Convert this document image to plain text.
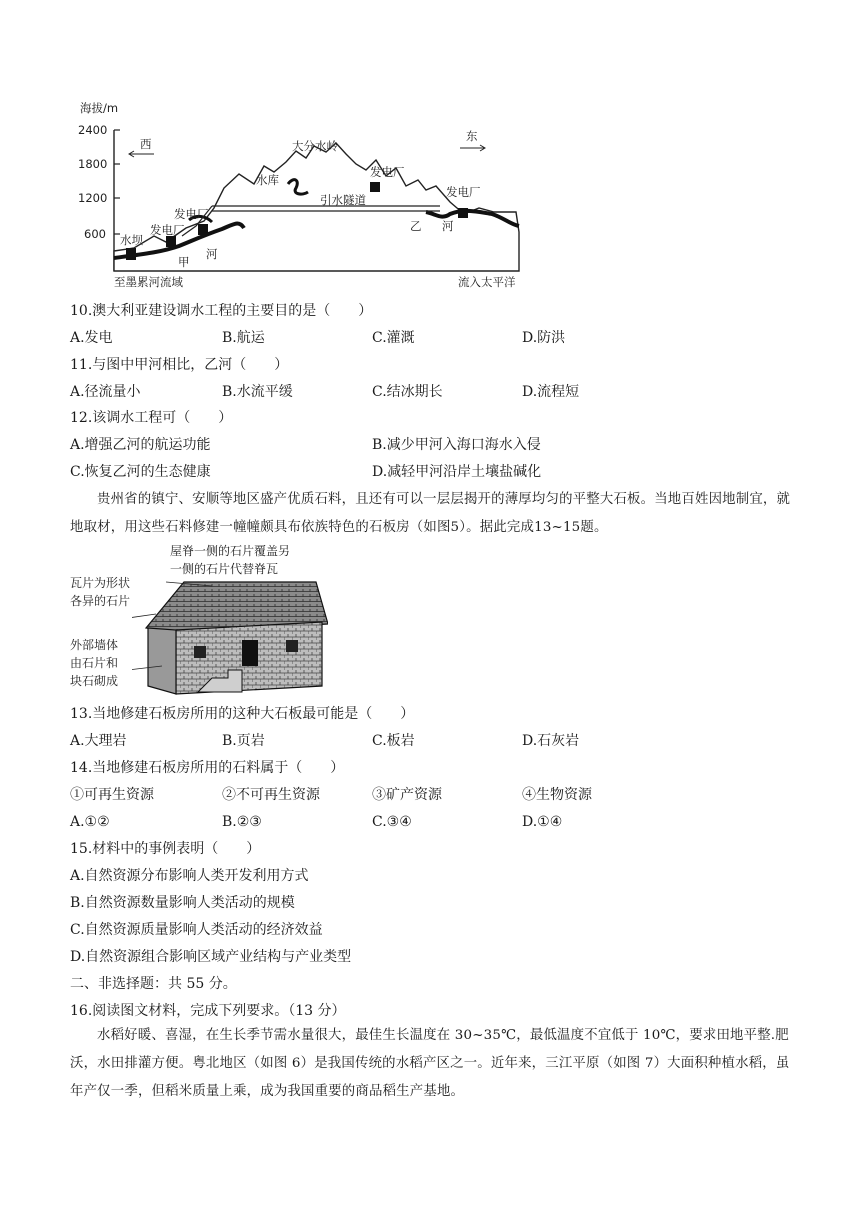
海拔/m
2400
1800
1200
600
西
东
大分水岭
水库
发电厂
发电厂
发电厂
发电厂
水坝
引水隧道
甲
河
乙 河
至墨累河流域	流入太平洋
10.澳大利亚建设调水工程的主要目的是（　　）
A.发电	B.航运	C.灌溉	D.防洪
11.与图中甲河相比，乙河（　　）
A.径流量小	B.水流平缓	C.结冰期长	D.流程短
12.该调水工程可（　　）
A.增强乙河的航运功能	B.减少甲河入海口海水入侵
C.恢复乙河的生态健康	D.减轻甲河沿岸土壤盐碱化
贵州省的镇宁、安顺等地区盛产优质石料，且还有可以一层层揭开的薄厚均匀的平整大石板。当地百姓因地制宜，就地取材，用这些石料修建一幢幢颇具布依族特色的石板房（如图5）。据此完成13~15题。
屋脊一侧的石片覆盖另
一侧的石片代替脊瓦
瓦片为形状
各异的石片
外部墙体
由石片和
块石砌成
13.当地修建石板房所用的这种大石板最可能是（　　）
A.大理岩	B.页岩	C.板岩	D.石灰岩
14.当地修建石板房所用的石料属于（　　）
①可再生资源	②不可再生资源	③矿产资源	④生物资源
A.①②	B.②③	C.③④	D.①④
15.材料中的事例表明（　　）
A.自然资源分布影响人类开发利用方式
B.自然资源数量影响人类活动的规模
C.自然资源质量影响人类活动的经济效益
D.自然资源组合影响区域产业结构与产业类型
二、非选择题：共 55 分。
16.阅读图文材料，完成下列要求。（13 分）
水稻好暖、喜湿，在生长季节需水量很大，最佳生长温度在 30~35℃，最低温度不宜低于 10℃，要求田地平整.肥沃，水田排灌方便。粤北地区（如图 6）是我国传统的水稻产区之一。近年来，三江平原（如图 7）大面积种植水稻，虽年产仅一季，但稻米质量上乘，成为我国重要的商品稻生产基地。
